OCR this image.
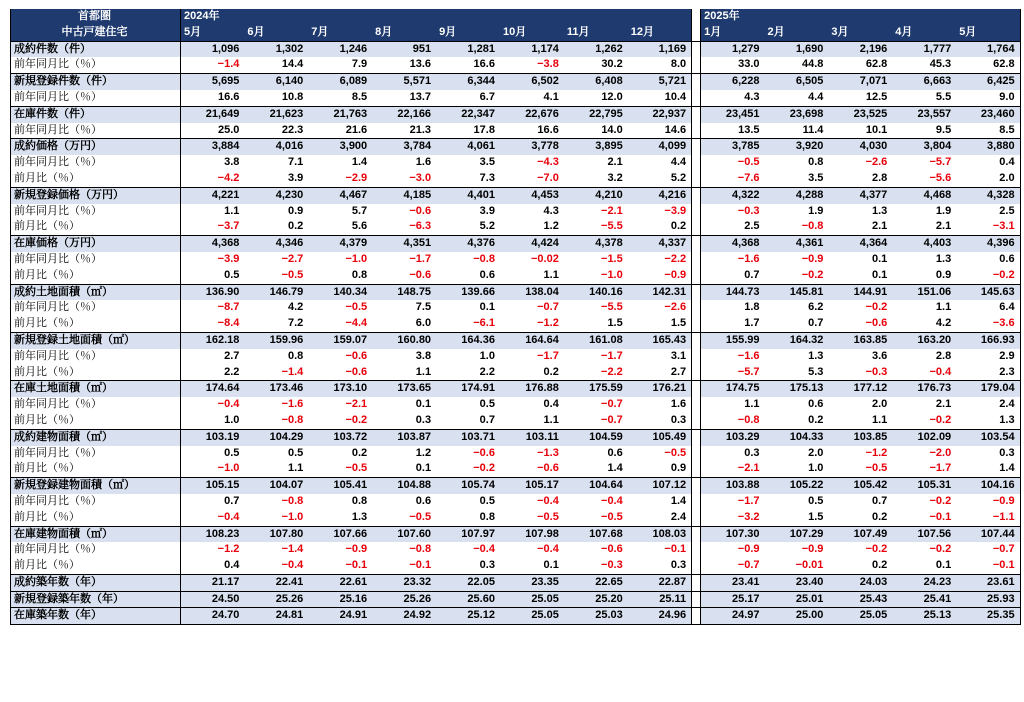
首都圏	2024年									2025年				
中古戸建住宅	5月	6月	7月	8月	9月	10月	11月	12月		1月	2月	3月	4月	5月
成約件数（件）	1,096	1,302	1,246	951	1,281	1,174	1,262	1,169		1,279	1,690	2,196	1,777	1,764
前年同月比（％）	−1.4	14.4	7.9	13.6	16.6	−3.8	30.2	8.0		33.0	44.8	62.8	45.3	62.8
新規登録件数（件）	5,695	6,140	6,089	5,571	6,344	6,502	6,408	5,721		6,228	6,505	7,071	6,663	6,425
前年同月比（％）	16.6	10.8	8.5	13.7	6.7	4.1	12.0	10.4		4.3	4.4	12.5	5.5	9.0
在庫件数（件）	21,649	21,623	21,763	22,166	22,347	22,676	22,795	22,937		23,451	23,698	23,525	23,557	23,460
前年同月比（％）	25.0	22.3	21.6	21.3	17.8	16.6	14.0	14.6		13.5	11.4	10.1	9.5	8.5
成約価格（万円）	3,884	4,016	3,900	3,784	4,061	3,778	3,895	4,099		3,785	3,920	4,030	3,804	3,880
前年同月比（％）	3.8	7.1	1.4	1.6	3.5	−4.3	2.1	4.4		−0.5	0.8	−2.6	−5.7	0.4
前月比（％）	−4.2	3.9	−2.9	−3.0	7.3	−7.0	3.2	5.2		−7.6	3.5	2.8	−5.6	2.0
新規登録価格（万円）	4,221	4,230	4,467	4,185	4,401	4,453	4,210	4,216		4,322	4,288	4,377	4,468	4,328
前年同月比（％）	1.1	0.9	5.7	−0.6	3.9	4.3	−2.1	−3.9		−0.3	1.9	1.3	1.9	2.5
前月比（％）	−3.7	0.2	5.6	−6.3	5.2	1.2	−5.5	0.2		2.5	−0.8	2.1	2.1	−3.1
在庫価格（万円）	4,368	4,346	4,379	4,351	4,376	4,424	4,378	4,337		4,368	4,361	4,364	4,403	4,396
前年同月比（％）	−3.9	−2.7	−1.0	−1.7	−0.8	−0.02	−1.5	−2.2		−1.6	−0.9	0.1	1.3	0.6
前月比（％）	0.5	−0.5	0.8	−0.6	0.6	1.1	−1.0	−0.9		0.7	−0.2	0.1	0.9	−0.2
成約土地面積（㎡）	136.90	146.79	140.34	148.75	139.66	138.04	140.16	142.31		144.73	145.81	144.91	151.06	145.63
前年同月比（％）	−8.7	4.2	−0.5	7.5	0.1	−0.7	−5.5	−2.6		1.8	6.2	−0.2	1.1	6.4
前月比（％）	−8.4	7.2	−4.4	6.0	−6.1	−1.2	1.5	1.5		1.7	0.7	−0.6	4.2	−3.6
新規登録土地面積（㎡）	162.18	159.96	159.07	160.80	164.36	164.64	161.08	165.43		155.99	164.32	163.85	163.20	166.93
前年同月比（％）	2.7	0.8	−0.6	3.8	1.0	−1.7	−1.7	3.1		−1.6	1.3	3.6	2.8	2.9
前月比（％）	2.2	−1.4	−0.6	1.1	2.2	0.2	−2.2	2.7		−5.7	5.3	−0.3	−0.4	2.3
在庫土地面積（㎡）	174.64	173.46	173.10	173.65	174.91	176.88	175.59	176.21		174.75	175.13	177.12	176.73	179.04
前年同月比（％）	−0.4	−1.6	−2.1	0.1	0.5	0.4	−0.7	1.6		1.1	0.6	2.0	2.1	2.4
前月比（％）	1.0	−0.8	−0.2	0.3	0.7	1.1	−0.7	0.3		−0.8	0.2	1.1	−0.2	1.3
成約建物面積（㎡）	103.19	104.29	103.72	103.87	103.71	103.11	104.59	105.49		103.29	104.33	103.85	102.09	103.54
前年同月比（％）	0.5	0.5	0.2	1.2	−0.6	−1.3	0.6	−0.5		0.3	2.0	−1.2	−2.0	0.3
前月比（％）	−1.0	1.1	−0.5	0.1	−0.2	−0.6	1.4	0.9		−2.1	1.0	−0.5	−1.7	1.4
新規登録建物面積（㎡）	105.15	104.07	105.41	104.88	105.74	105.17	104.64	107.12		103.88	105.22	105.42	105.31	104.16
前年同月比（％）	0.7	−0.8	0.8	0.6	0.5	−0.4	−0.4	1.4		−1.7	0.5	0.7	−0.2	−0.9
前月比（％）	−0.4	−1.0	1.3	−0.5	0.8	−0.5	−0.5	2.4		−3.2	1.5	0.2	−0.1	−1.1
在庫建物面積（㎡）	108.23	107.80	107.66	107.60	107.97	107.98	107.68	108.03		107.30	107.29	107.49	107.56	107.44
前年同月比（％）	−1.2	−1.4	−0.9	−0.8	−0.4	−0.4	−0.6	−0.1		−0.9	−0.9	−0.2	−0.2	−0.7
前月比（％）	0.4	−0.4	−0.1	−0.1	0.3	0.1	−0.3	0.3		−0.7	−0.01	0.2	0.1	−0.1
成約築年数（年）	21.17	22.41	22.61	23.32	22.05	23.35	22.65	22.87		23.41	23.40	24.03	24.23	23.61
新規登録築年数（年）	24.50	25.26	25.16	25.26	25.60	25.05	25.20	25.11		25.17	25.01	25.43	25.41	25.93
在庫築年数（年）	24.70	24.81	24.91	24.92	25.12	25.05	25.03	24.96		24.97	25.00	25.05	25.13	25.35
